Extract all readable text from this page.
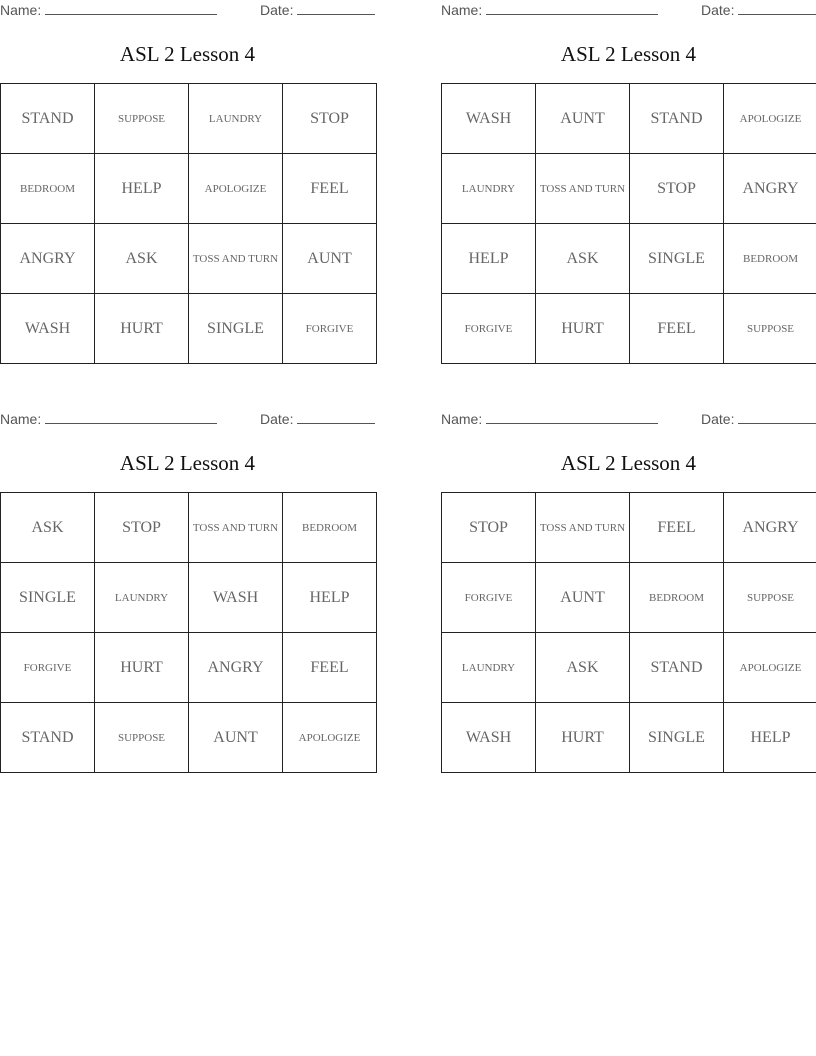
Name:	Date:
ASL 2 Lesson 4
STAND	SUPPOSE	LAUNDRY	STOP
BEDROOM	HELP	APOLOGIZE	FEEL
ANGRY	ASK	TOSS AND TURN	AUNT
WASH	HURT	SINGLE	FORGIVE
Name:	Date:
ASL 2 Lesson 4
WASH	AUNT	STAND	APOLOGIZE
LAUNDRY	TOSS AND TURN	STOP	ANGRY
HELP	ASK	SINGLE	BEDROOM
FORGIVE	HURT	FEEL	SUPPOSE
Name:	Date:
ASL 2 Lesson 4
ASK	STOP	TOSS AND TURN	BEDROOM
SINGLE	LAUNDRY	WASH	HELP
FORGIVE	HURT	ANGRY	FEEL
STAND	SUPPOSE	AUNT	APOLOGIZE
Name:	Date:
ASL 2 Lesson 4
STOP	TOSS AND TURN	FEEL	ANGRY
FORGIVE	AUNT	BEDROOM	SUPPOSE
LAUNDRY	ASK	STAND	APOLOGIZE
WASH	HURT	SINGLE	HELP
